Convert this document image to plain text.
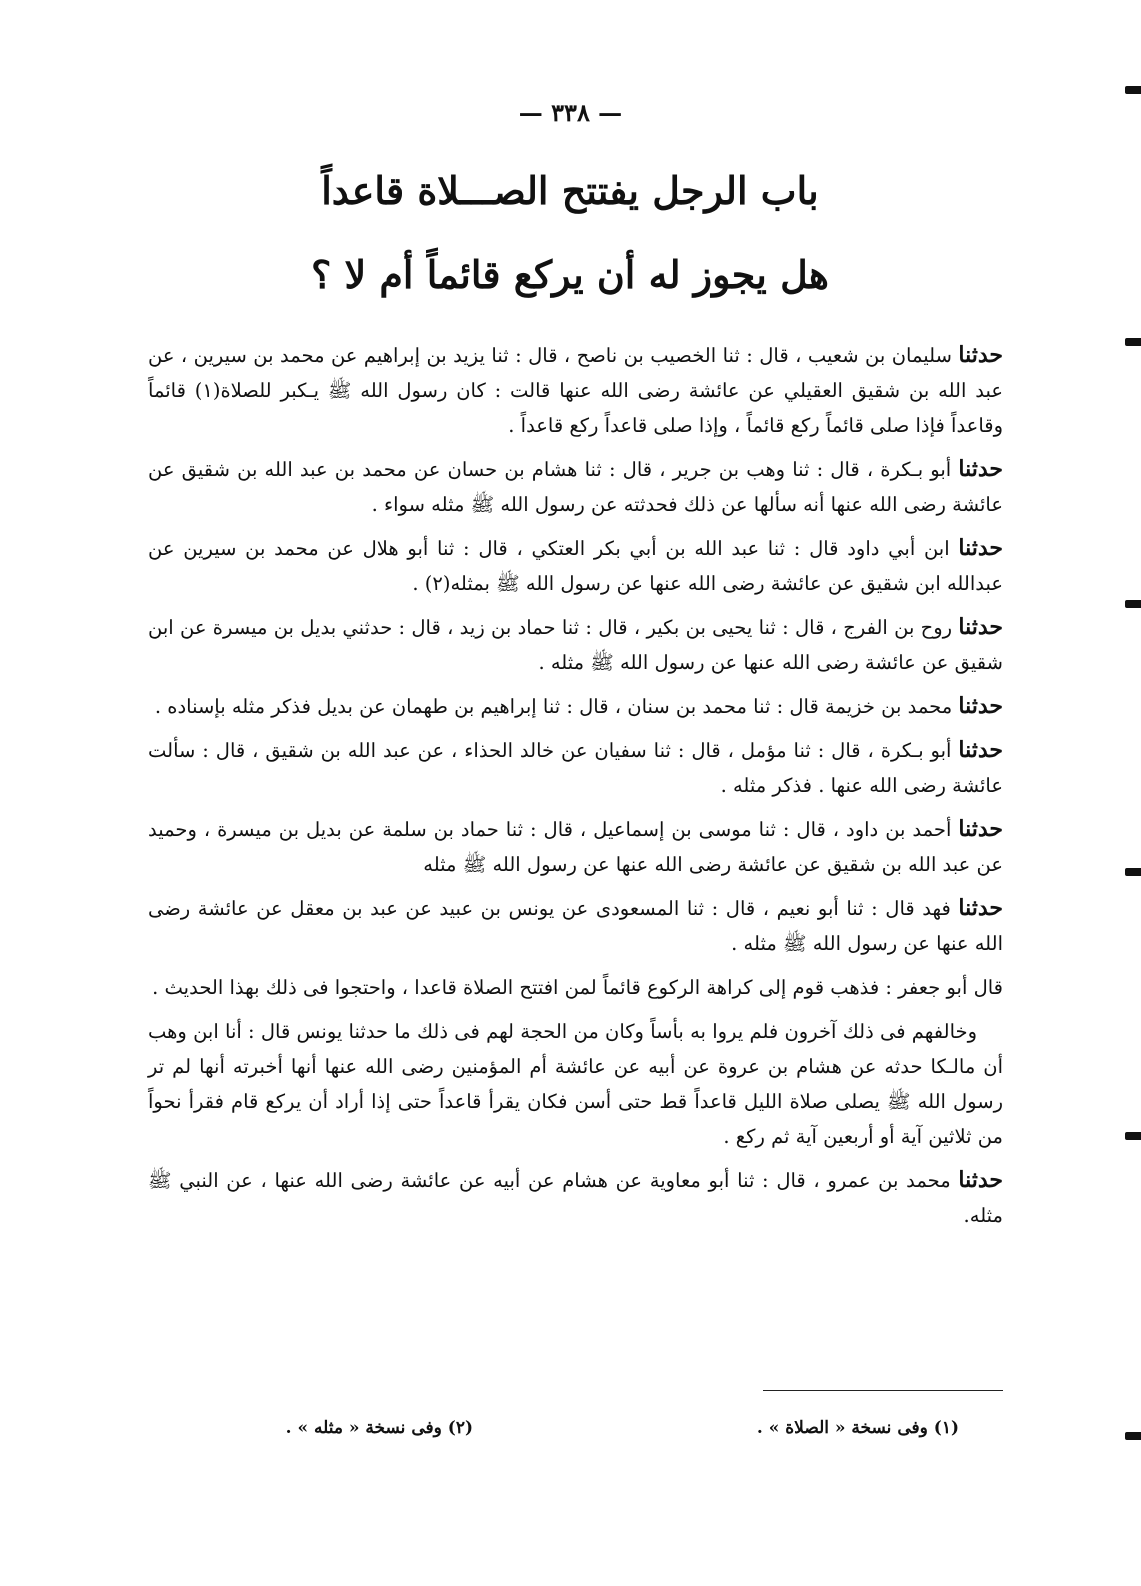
— ٣٣٨ —
باب الرجل يفتتح الصـــلاة قاعداً
هل يجوز له أن يركع قائماً أم لا ؟

حدثنا سليمان بن شعيب ، قال : ثنا الخصيب بن ناصح ، قال : ثنا يزيد بن إبراهيم عن محمد بن سيرين ، عن عبد الله بن شقيق العقيلي عن عائشة رضى الله عنها قالت : كان رسول الله ﷺ يـكبر للصلاة(١) قائماً وقاعداً فإذا صلى قائماً ركع قائماً ، وإذا صلى قاعداً ركع قاعداً .

حدثنا أبو بـكرة ، قال : ثنا وهب بن جرير ، قال : ثنا هشام بن حسان عن محمد بن عبد الله بن شقيق عن عائشة رضى الله عنها أنه سألها عن ذلك فحدثته عن رسول الله ﷺ مثله سواء .

حدثنا ابن أبي داود قال : ثنا عبد الله بن أبي بكر العتكي ، قال : ثنا أبو هلال عن محمد بن سيرين عن عبدالله ابن شقيق عن عائشة رضى الله عنها عن رسول الله ﷺ بمثله(٢) .

حدثنا روح بن الفرج ، قال : ثنا يحيى بن بكير ، قال : ثنا حماد بن زيد ، قال : حدثني بديل بن ميسرة عن ابن شقيق عن عائشة رضى الله عنها عن رسول الله ﷺ مثله .

حدثنا محمد بن خزيمة قال : ثنا محمد بن سنان ، قال : ثنا إبراهيم بن طهمان عن بديل فذكر مثله بإسناده .

حدثنا أبو بـكرة ، قال : ثنا مؤمل ، قال : ثنا سفيان عن خالد الحذاء ، عن عبد الله بن شقيق ، قال : سألت عائشة رضى الله عنها . فذكر مثله .

حدثنا أحمد بن داود ، قال : ثنا موسى بن إسماعيل ، قال : ثنا حماد بن سلمة عن بديل بن ميسرة ، وحميد عن عبد الله بن شقيق عن عائشة رضى الله عنها عن رسول الله ﷺ مثله

حدثنا فهد قال : ثنا أبو نعيم ، قال : ثنا المسعودى عن يونس بن عبيد عن عبد بن معقل عن عائشة رضى الله عنها عن رسول الله ﷺ مثله .

قال أبو جعفر : فذهب قوم إلى كراهة الركوع قائماً لمن افتتح الصلاة قاعدا ، واحتجوا فى ذلك بهذا الحديث .

وخالفهم فى ذلك آخرون فلم يروا به بأساً وكان من الحجة لهم فى ذلك ما حدثنا يونس قال : أنا ابن وهب أن مالـكا حدثه عن هشام بن عروة عن أبيه عن عائشة أم المؤمنين رضى الله عنها أنها أخبرته أنها لم تر رسول الله ﷺ يصلى صلاة الليل قاعداً قط حتى أسن فكان يقرأ قاعداً حتى إذا أراد أن يركع قام فقرأ نحواً من ثلاثين آية أو أربعين آية ثم ركع .

حدثنا محمد بن عمرو ، قال : ثنا أبو معاوية عن هشام عن أبيه عن عائشة رضى الله عنها ، عن النبي ﷺ مثله.

(١) وفى نسخة « الصلاة » .
(٢) وفى نسخة « مثله » .
